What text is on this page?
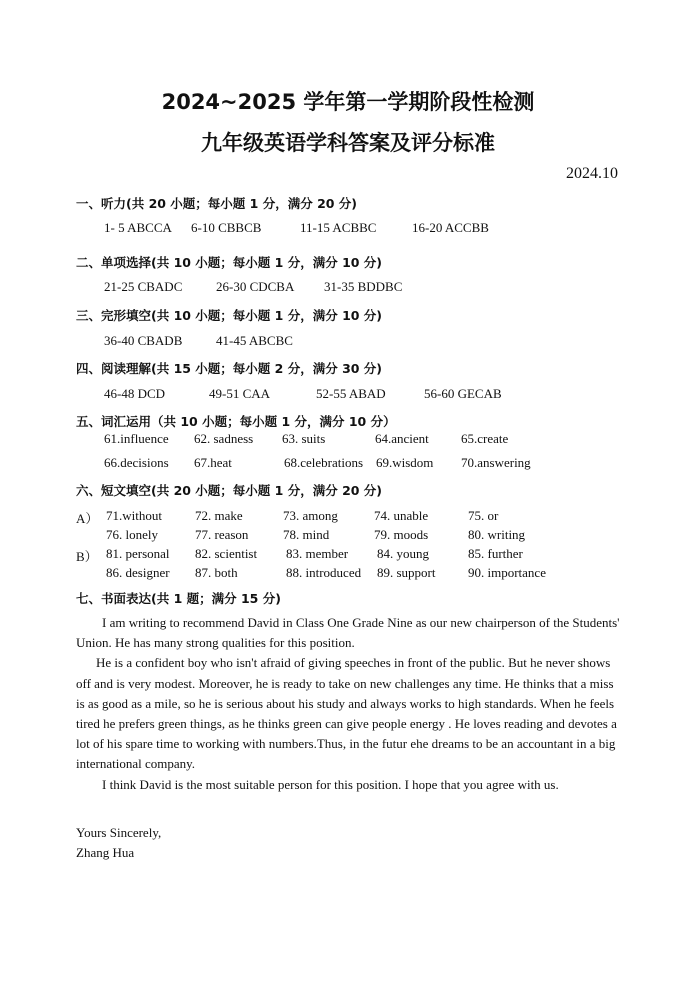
2024~2025 学年第一学期阶段性检测
九年级英语学科答案及评分标准
2024.10
一、听力(共 20 小题；每小题 1 分，满分 20 分)
1- 5 ABCCA 6-10 CBBCB	11-15 ACBBC	16-20 ACCBB
二、单项选择(共 10 小题；每小题 1 分，满分 10 分)
21-25 CBADC	26-30 CDCBA 31-35 BDDBC
三、完形填空(共 10 小题；每小题 1 分，满分 10 分)
36-40 CBADB	41-45 ABCBC
四、阅读理解(共 15 小题；每小题 2 分，满分 30 分)
46-48 DCD	49-51 CAA	52-55 ABAD	56-60 GECAB
五、词汇运用（共 10 小题；每小题 1 分，满分 10 分）
61.influence 62. sadness 63. suits	64.ancient 65.create
66.decisions 67.heat	68.celebrations 69.wisdom 70.answering
六、短文填空(共 20 小题；每小题 1 分，满分 20 分)
A） 71.without	72. make	73. among	74. unable	75. or
76. lonely	77. reason	78. mind	79. moods	80. writing
B） 81. personal 82. scientist 83. member 84. young	85. further
86. designer 87. both	88. introduced 89. support	90. importance
七、书面表达(共 1 题；满分 15 分)

I am writing to recommend David in Class One Grade Nine as our new chairperson of the Students' Union. He has many strong qualities for this position.

He is a confident boy who isn't afraid of giving speeches in front of the public. But he never shows off and is very modest. Moreover, he is ready to take on new challenges any time. He thinks that a miss is as good as a mile, so he is serious about his study and always works to high standards. When he feels tired he prefers green things, as he thinks green can give people energy . He loves reading and devotes a lot of his spare time to working with numbers.Thus, in the futur ehe dreams to be an accountant in a big international company.

I think David is the most suitable person for this position. I hope that you agree with us.

Yours Sincerely,
Zhang Hua
